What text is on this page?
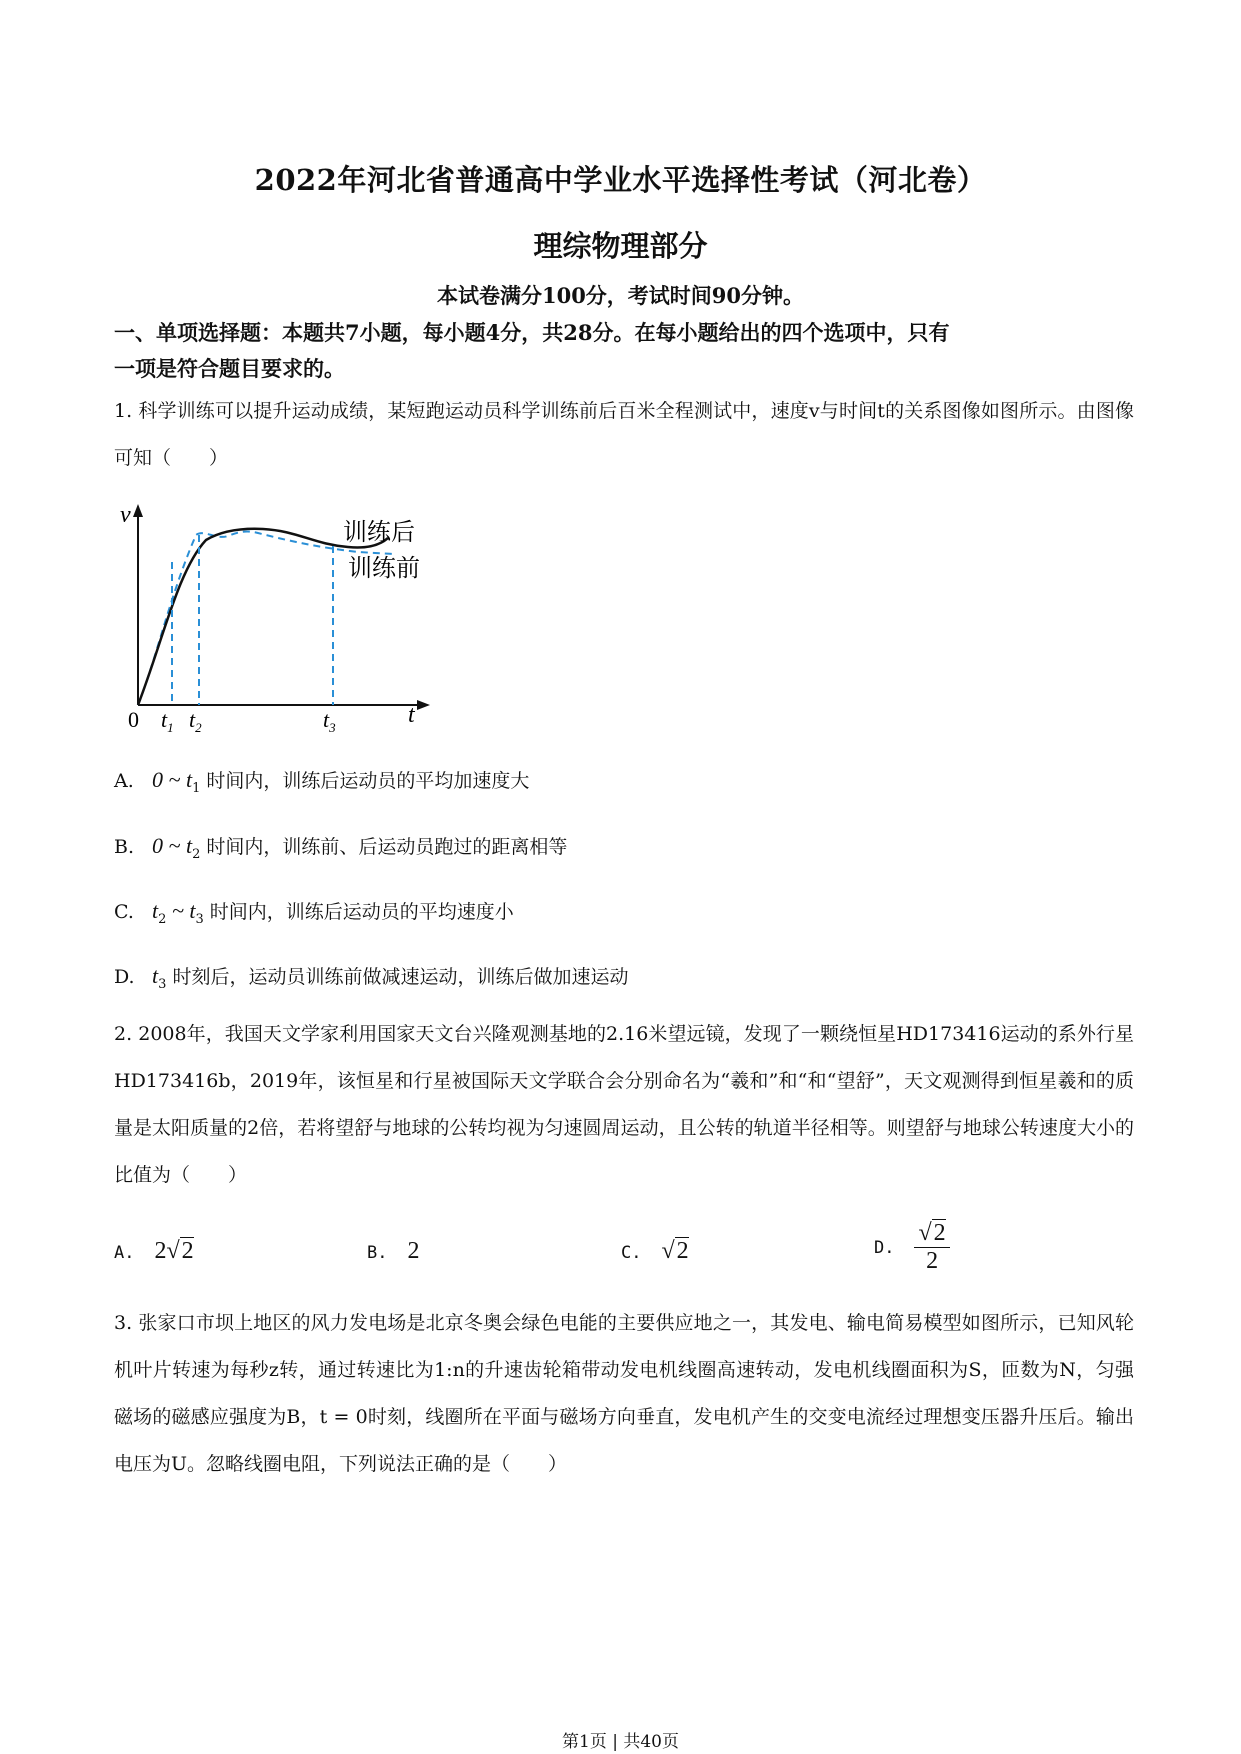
2022年河北省普通高中学业水平选择性考试（河北卷）
理综物理部分
本试卷满分100分，考试时间90分钟。
一、单项选择题：本题共7小题，每小题4分，共28分。在每小题给出的四个选项中，只有
一项是符合题目要求的。
1. 科学训练可以提升运动成绩，某短跑运动员科学训练前后百米全程测试中，速度v与时间t的关系图像如图所示。由图像可知（　　）
v
0	t
$t_1$ $t_2$	$t_3$
训练后
训练前
A. 0 ~ $t_1$ 时间内，训练后运动员的平均加速度大
B. 0 ~ $t_2$ 时间内，训练前、后运动员跑过的距离相等
C. $t_2$ ~ $t_3$ 时间内，训练后运动员的平均速度小
D. $t_3$ 时刻后，运动员训练前做减速运动，训练后做加速运动
2. 2008年，我国天文学家利用国家天文台兴隆观测基地的2.16米望远镜，发现了一颗绕恒星HD173416运动的系外行星HD173416b，2019年，该恒星和行星被国际天文学联合会分别命名为“羲和”和“和“望舒”，天文观测得到恒星羲和的质量是太阳质量的2倍，若将望舒与地球的公转均视为匀速圆周运动，且公转的轨道半径相等。则望舒与地球公转速度大小的比值为（　　）
A. 2√2	B. 2	C. √2	D. $\frac{√2}{2}$
3. 张家口市坝上地区的风力发电场是北京冬奥会绿色电能的主要供应地之一，其发电、输电简易模型如图所示，已知风轮机叶片转速为每秒z转，通过转速比为1:n的升速齿轮箱带动发电机线圈高速转动，发电机线圈面积为S，匝数为N，匀强磁场的磁感应强度为B，t = 0时刻，线圈所在平面与磁场方向垂直，发电机产生的交变电流经过理想变压器升压后。输出电压为U。忽略线圈电阻，下列说法正确的是（　　）
第1页 | 共40页
